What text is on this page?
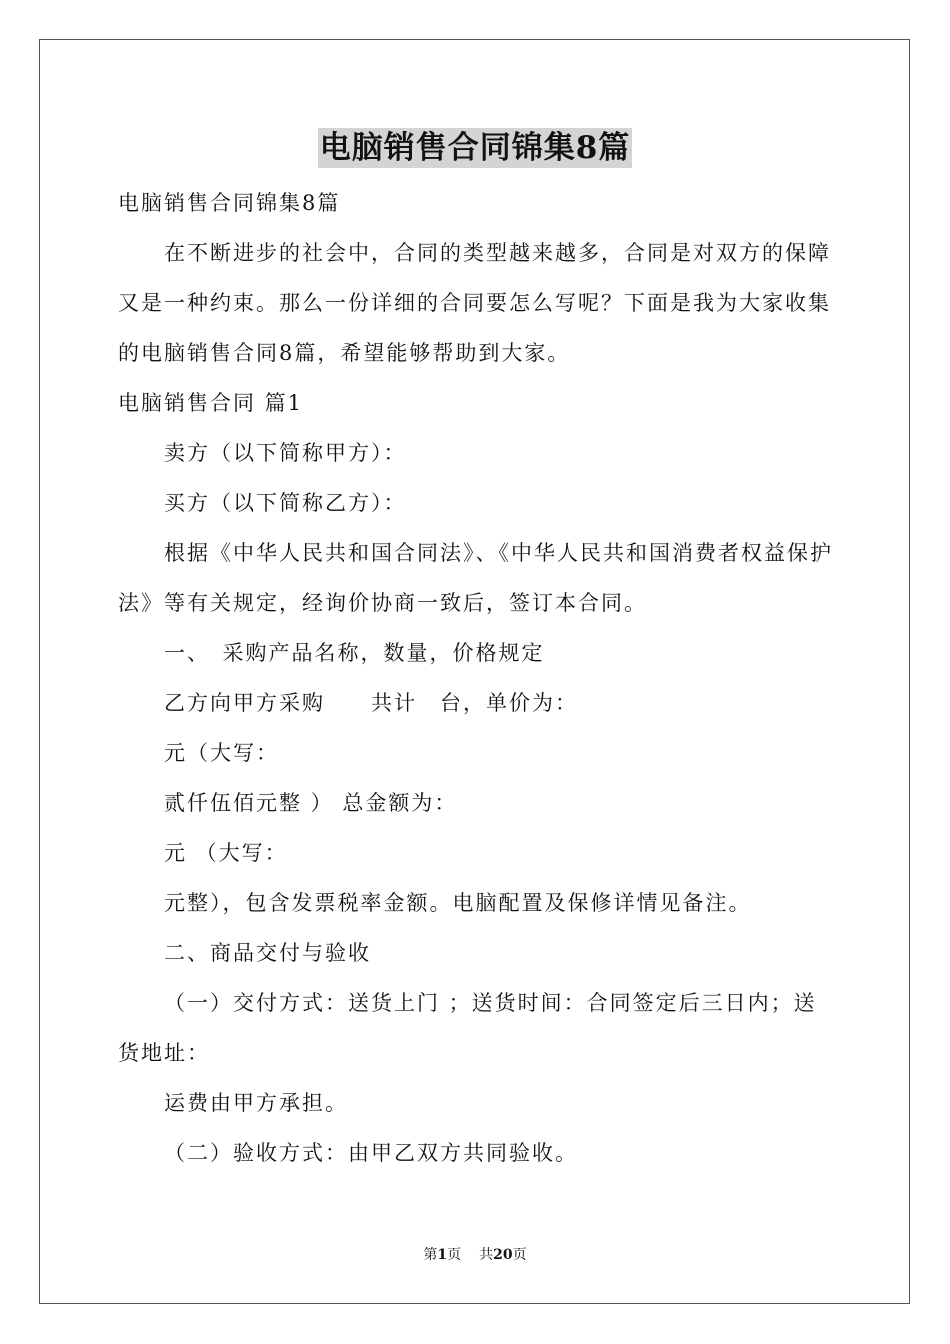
电脑销售合同锦集8篇

电脑销售合同锦集8篇

在不断进步的社会中，合同的类型越来越多，合同是对双方的保障又是一种约束。那么一份详细的合同要怎么写呢？下面是我为大家收集的电脑销售合同8篇，希望能够帮助到大家。

电脑销售合同 篇1

卖方（以下简称甲方）：

买方（以下简称乙方）：

根据《中华人民共和国合同法》、《中华人民共和国消费者权益保护法》等有关规定，经询价协商一致后，签订本合同。

一、　采购产品名称，数量，价格规定

乙方向甲方采购　　共计　台，单价为：

元（大写：

贰仟伍佰元整 ） 总金额为：

元 （大写：

元整），包含发票税率金额。电脑配置及保修详情见备注。

二、商品交付与验收

（一）交付方式：送货上门 ；送货时间：合同签定后三日内；送货地址：

运费由甲方承担。

（二）验收方式：由甲乙双方共同验收。

第1页 共20页
